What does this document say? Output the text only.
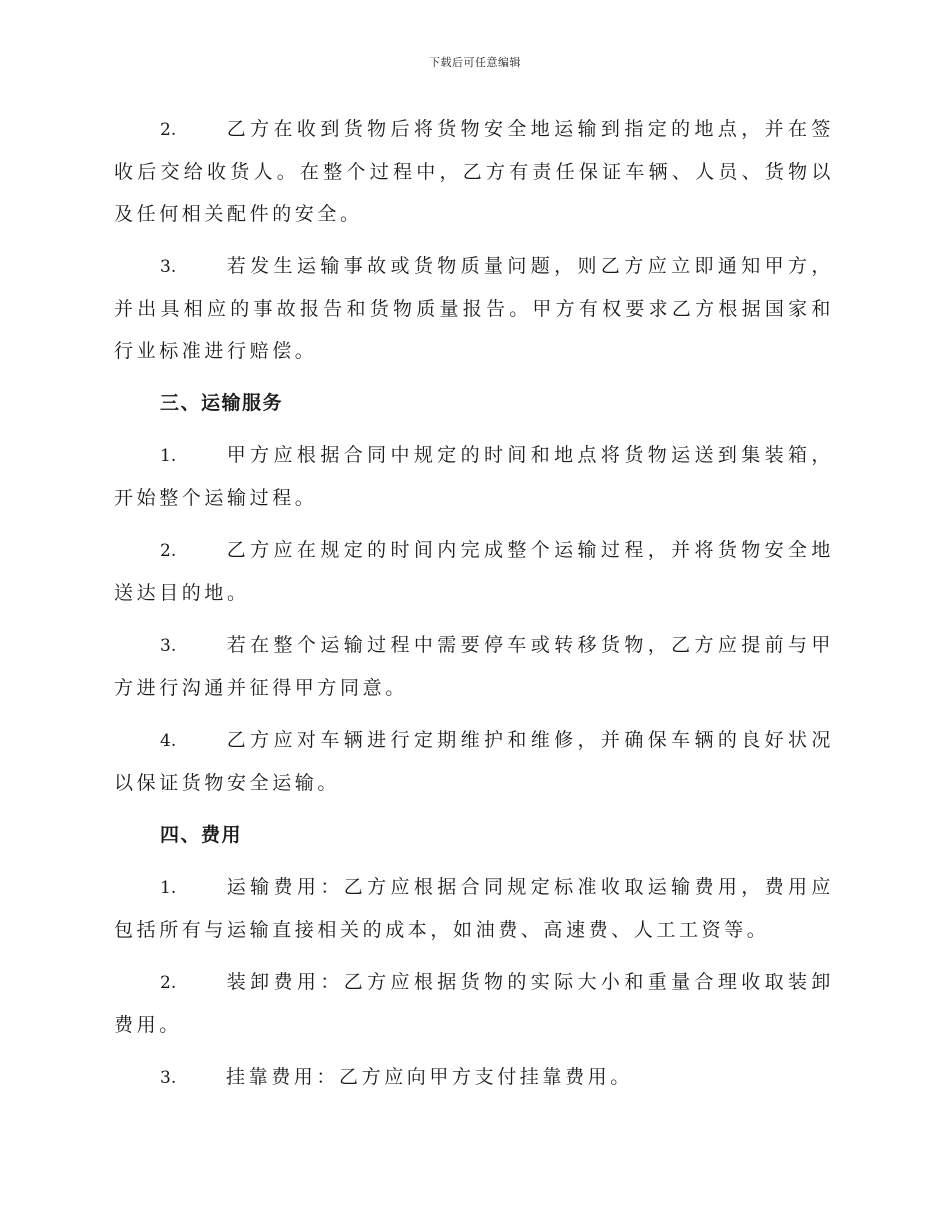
下载后可任意编辑

2.	乙方在收到货物后将货物安全地运输到指定的地点，并在签收后交给收货人。在整个过程中，乙方有责任保证车辆、人员、货物以及任何相关配件的安全。

3.	若发生运输事故或货物质量问题，则乙方应立即通知甲方，并出具相应的事故报告和货物质量报告。甲方有权要求乙方根据国家和行业标准进行赔偿。

三、运输服务

1.	甲方应根据合同中规定的时间和地点将货物运送到集装箱，开始整个运输过程。

2.	乙方应在规定的时间内完成整个运输过程，并将货物安全地送达目的地。

3.	若在整个运输过程中需要停车或转移货物，乙方应提前与甲方进行沟通并征得甲方同意。

4.	乙方应对车辆进行定期维护和维修，并确保车辆的良好状况以保证货物安全运输。

四、费用

1.	运输费用：乙方应根据合同规定标准收取运输费用，费用应包括所有与运输直接相关的成本，如油费、高速费、人工工资等。

2.	装卸费用：乙方应根据货物的实际大小和重量合理收取装卸费用。

3.	挂靠费用：乙方应向甲方支付挂靠费用。
